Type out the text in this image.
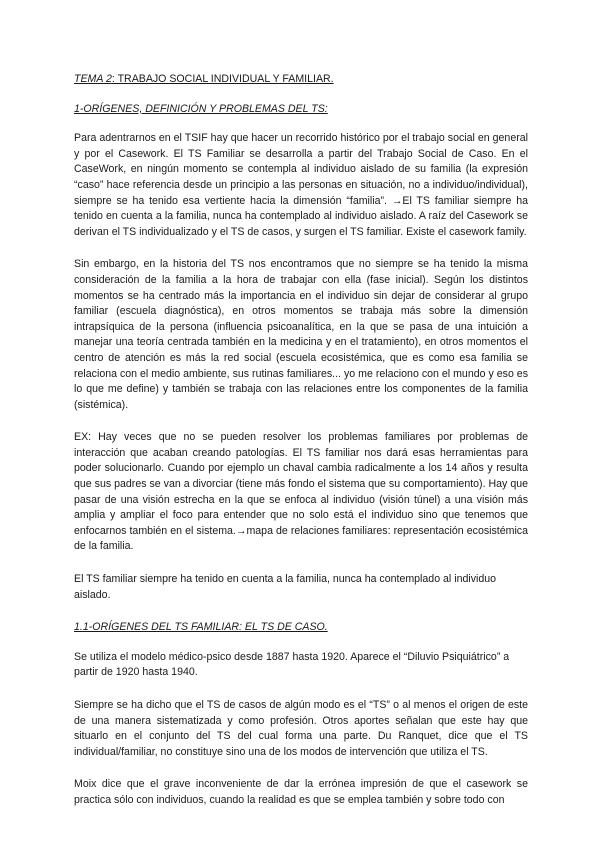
TEMA 2: TRABAJO SOCIAL INDIVIDUAL Y FAMILIAR.
1-ORÍGENES, DEFINICIÓN Y PROBLEMAS DEL TS:

Para adentrarnos en el TSIF hay que hacer un recorrido histórico por el trabajo social en general y por el Casework. El TS Familiar se desarrolla a partir del Trabajo Social de Caso. En el CaseWork, en ningún momento se contempla al individuo aislado de su familia (la expresión “caso” hace referencia desde un principio a las personas en situación, no a individuo/individual), siempre se ha tenido esa vertiente hacia la dimensión “familia”. →El TS familiar siempre ha tenido en cuenta a la familia, nunca ha contemplado al individuo aislado. A raíz del Casework se derivan el TS individualizado y el TS de casos, y surgen el TS familiar. Existe el casework family.

Sin embargo, en la historia del TS nos encontramos que no siempre se ha tenido la misma consideración de la familia a la hora de trabajar con ella (fase inicial). Según los distintos momentos se ha centrado más la importancia en el individuo sin dejar de considerar al grupo familiar (escuela diagnóstica), en otros momentos se trabaja más sobre la dimensión intrapsíquica de la persona (influencia psicoanalítica, en la que se pasa de una intuición a manejar una teoría centrada también en la medicina y en el tratamiento), en otros momentos el centro de atención es más la red social (escuela ecosistémica, que es como esa familia se relaciona con el medio ambiente, sus rutinas familiares... yo me relaciono con el mundo y eso es lo que me define) y también se trabaja con las relaciones entre los componentes de la familia (sistémica).

EX: Hay veces que no se pueden resolver los problemas familiares por problemas de interacción que acaban creando patologías. El TS familiar nos dará esas herramientas para poder solucionarlo. Cuando por ejemplo un chaval cambia radicalmente a los 14 años y resulta que sus padres se van a divorciar (tiene más fondo el sistema que su comportamiento). Hay que pasar de una visión estrecha en la que se enfoca al individuo (visión túnel) a una visión más amplia y ampliar el foco para entender que no solo está el individuo sino que tenemos que enfocarnos también en el sistema.→mapa de relaciones familiares: representación ecosistémica de la familia.

El TS familiar siempre ha tenido en cuenta a la familia, nunca ha contemplado al individuo aislado.

1.1-ORÍGENES DEL TS FAMILIAR: EL TS DE CASO.

Se utiliza el modelo médico-psico desde 1887 hasta 1920. Aparece el “Diluvio Psiquiátrico” a partir de 1920 hasta 1940.

Siempre se ha dicho que el TS de casos de algún modo es el “TS” o al menos el origen de este de una manera sistematizada y como profesión. Otros aportes señalan que este hay que situarlo en el conjunto del TS del cual forma una parte. Du Ranquet, dice que el TS individual/familiar, no constituye sino una de los modos de intervención que utiliza el TS.

Moix dice que el grave inconveniente de dar la errónea impresión de que el casework se practica sólo con individuos, cuando la realidad es que se emplea también y sobre todo con
